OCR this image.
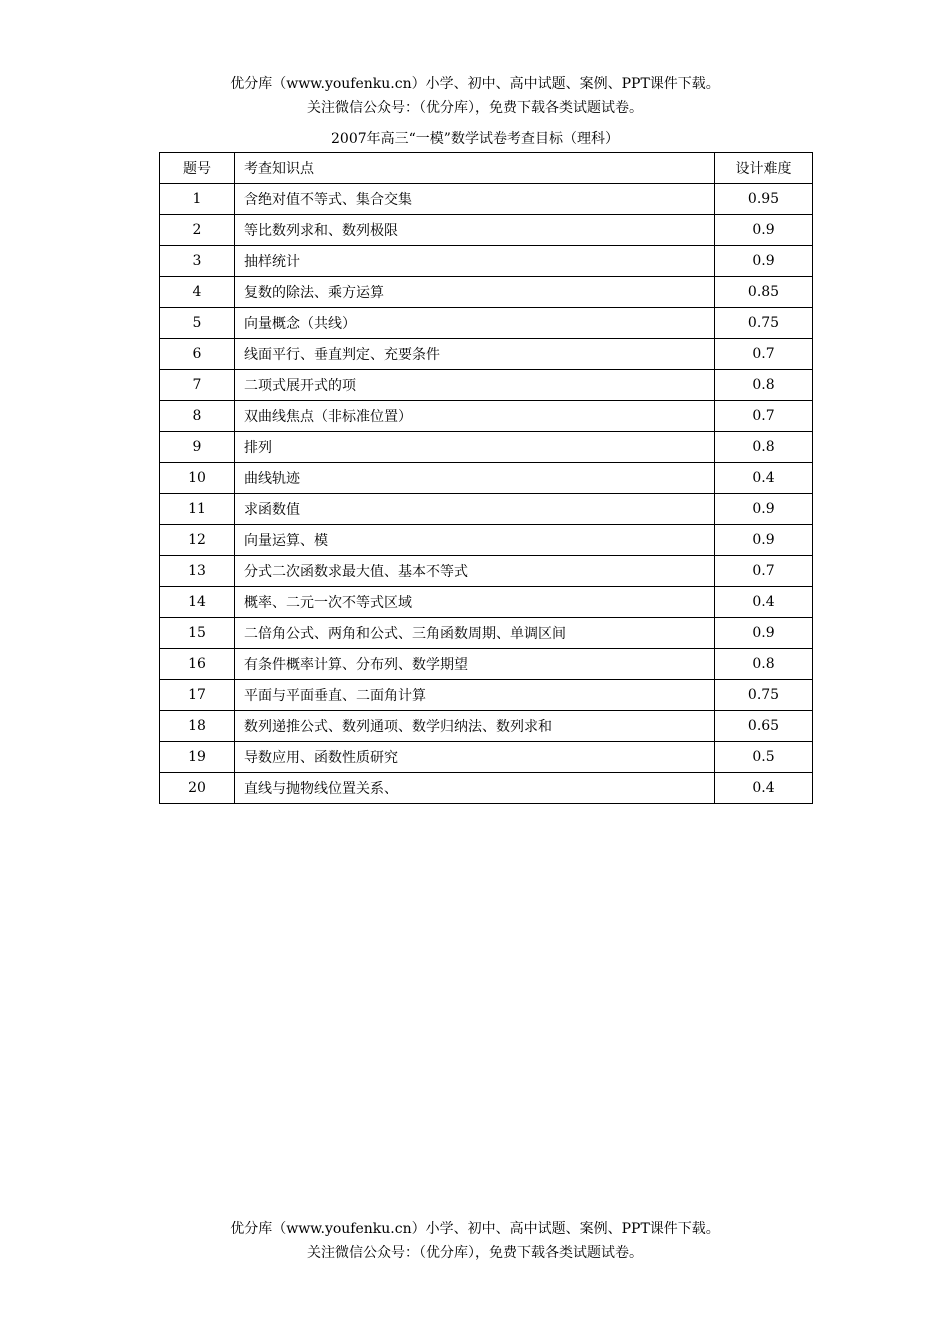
优分库（www.youfenku.cn）小学、初中、高中试题、案例、PPT课件下载。
关注微信公众号：（优分库），免费下载各类试题试卷。
2007年高三“一模”数学试卷考查目标（理科）
题号	考查知识点	设计难度
1	含绝对值不等式、集合交集	0.95
2	等比数列求和、数列极限	0.9
3	抽样统计	0.9
4	复数的除法、乘方运算	0.85
5	向量概念（共线）	0.75
6	线面平行、垂直判定、充要条件	0.7
7	二项式展开式的项	0.8
8	双曲线焦点（非标准位置）	0.7
9	排列	0.8
10	曲线轨迹	0.4
11	求函数值	0.9
12	向量运算、模	0.9
13	分式二次函数求最大值、基本不等式	0.7
14	概率、二元一次不等式区域	0.4
15	二倍角公式、两角和公式、三角函数周期、单调区间	0.9
16	有条件概率计算、分布列、数学期望	0.8
17	平面与平面垂直、二面角计算	0.75
18	数列递推公式、数列通项、数学归纳法、数列求和	0.65
19	导数应用、函数性质研究	0.5
20	直线与抛物线位置关系、	0.4
优分库（www.youfenku.cn）小学、初中、高中试题、案例、PPT课件下载。
关注微信公众号：（优分库），免费下载各类试题试卷。
